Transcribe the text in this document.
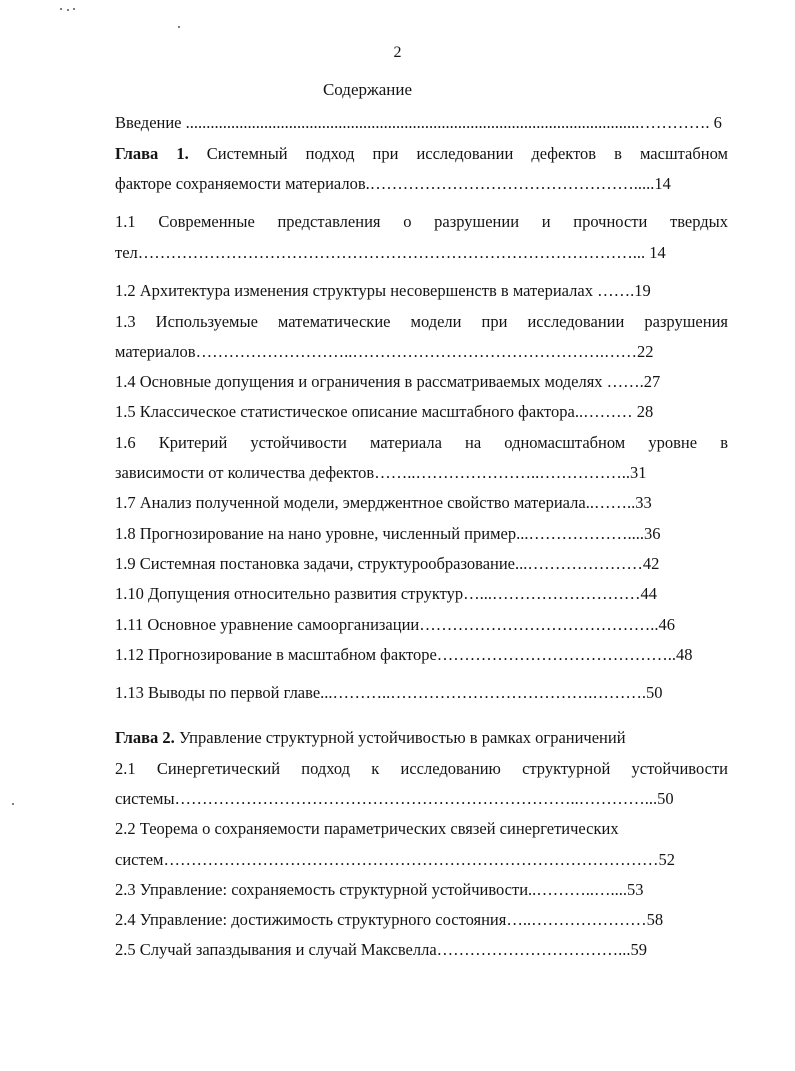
2
Содержание
Введение ..............................................................................................................…………. 6
Глава 1. Системный подход при исследовании дефектов в масштабном
факторе сохраняемости материалов.………………………………………….....14
1.1 Современные представления о разрушении и прочности твердых
тел………………………………………………………………………………... 14
1.2 Архитектура изменения структуры несовершенств в материалах …….19
1.3 Используемые математические модели при исследовании разрушения
материалов………………………..……………………………………….……22
1.4 Основные допущения и ограничения в рассматриваемых моделях …….27
1.5 Классическое статистическое описание масштабного фактора..……… 28
1.6 Критерий устойчивости материала на одномасштабном уровне в
зависимости от количества дефектов……..…………………..……………..31
1.7 Анализ полученной модели, эмерджентное свойство материала..……..33
1.8 Прогнозирование на нано уровне, численный пример...………………....36
1.9 Системная постановка задачи, структурообразование...…………………42
1.10 Допущения относительно развития структур…...………………………44
1.11 Основное уравнение самоорганизации……………………………………..46
1.12 Прогнозирование в масштабном факторе……………………………………..48
1.13 Выводы по первой главе...………..……………………………….……….50
Глава 2. Управление структурной устойчивостью в рамках ограничений
2.1 Синергетический подход к исследованию структурной устойчивости
системы………………………………………………………………..…………...50
2.2 Теорема о сохраняемости параметрических связей синергетических
систем………………………………………………………………………………52
2.3 Управление: сохраняемость структурной устойчивости..………..…....53
2.4 Управление: достижимость структурного состояния…..…………………58
2.5 Случай запаздывания и случай Максвелла……………………………...59
